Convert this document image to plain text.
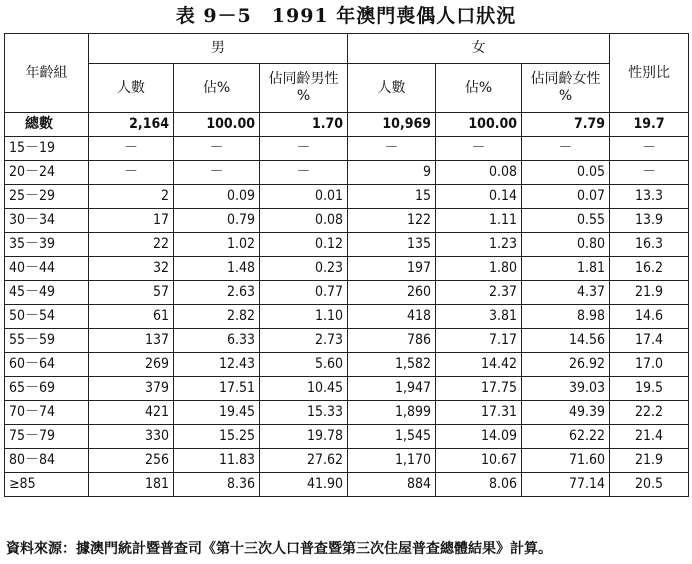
表 9－5　1991 年澳門喪偶人口狀況
年齡組	男			女			性別比
	人數	佔%	佔同齡男性 %	人數	佔%	佔同齡女性 %	
總數	2,164	100.00	1.70	10,969	100.00	7.79	19.7
15－19	－	－	－	－	－	－	－
20－24	－	－	－	9	0.08	0.05	－
25－29	2	0.09	0.01	15	0.14	0.07	13.3
30－34	17	0.79	0.08	122	1.11	0.55	13.9
35－39	22	1.02	0.12	135	1.23	0.80	16.3
40－44	32	1.48	0.23	197	1.80	1.81	16.2
45－49	57	2.63	0.77	260	2.37	4.37	21.9
50－54	61	2.82	1.10	418	3.81	8.98	14.6
55－59	137	6.33	2.73	786	7.17	14.56	17.4
60－64	269	12.43	5.60	1,582	14.42	26.92	17.0
65－69	379	17.51	10.45	1,947	17.75	39.03	19.5
70－74	421	19.45	15.33	1,899	17.31	49.39	22.2
75－79	330	15.25	19.78	1,545	14.09	62.22	21.4
80－84	256	11.83	27.62	1,170	10.67	71.60	21.9
≥85	181	8.36	41.90	884	8.06	77.14	20.5
資料來源：據澳門統計暨普查司《第十三次人口普查暨第三次住屋普查總體結果》計算。
